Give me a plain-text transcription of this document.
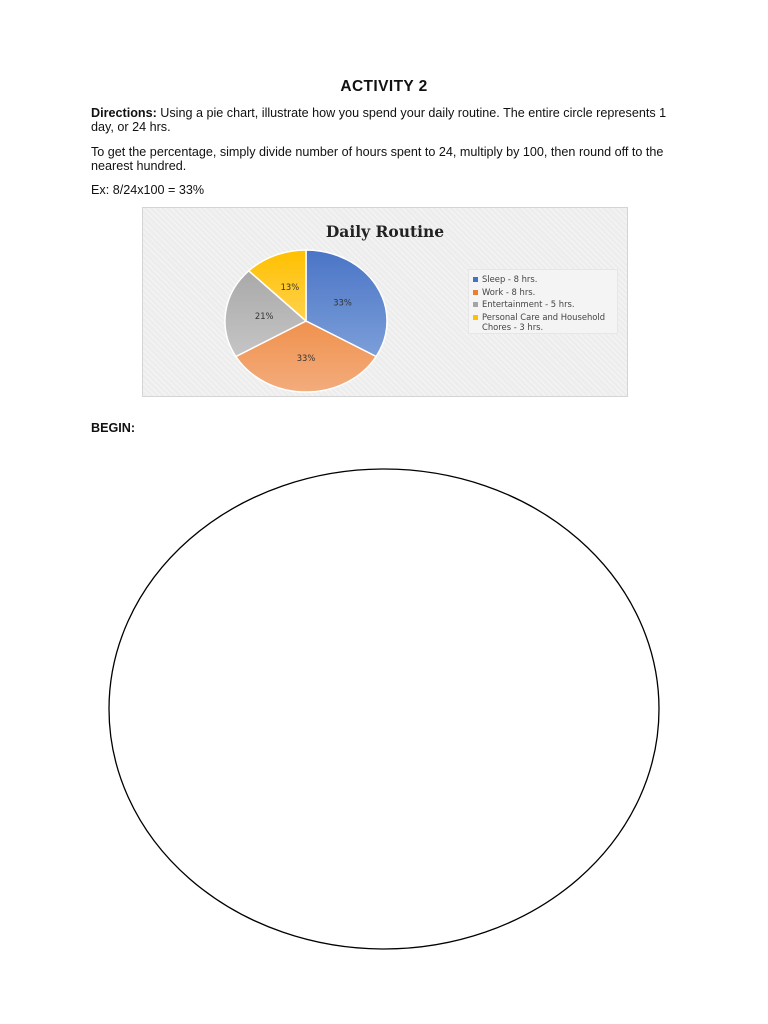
ACTIVITY 2
Directions: Using a pie chart, illustrate how you spend your daily routine. The entire circle represents 1 day, or 24 hrs.
To get the percentage, simply divide number of hours spent to 24, multiply by 100, then round off to the nearest hundred.
Ex: 8/24x100 = 33%
Daily Routine
33%
33%
21%
13%
Sleep - 8 hrs.
Work - 8 hrs.
Entertainment - 5 hrs.
Personal Care and Household Chores - 3 hrs.
BEGIN:
